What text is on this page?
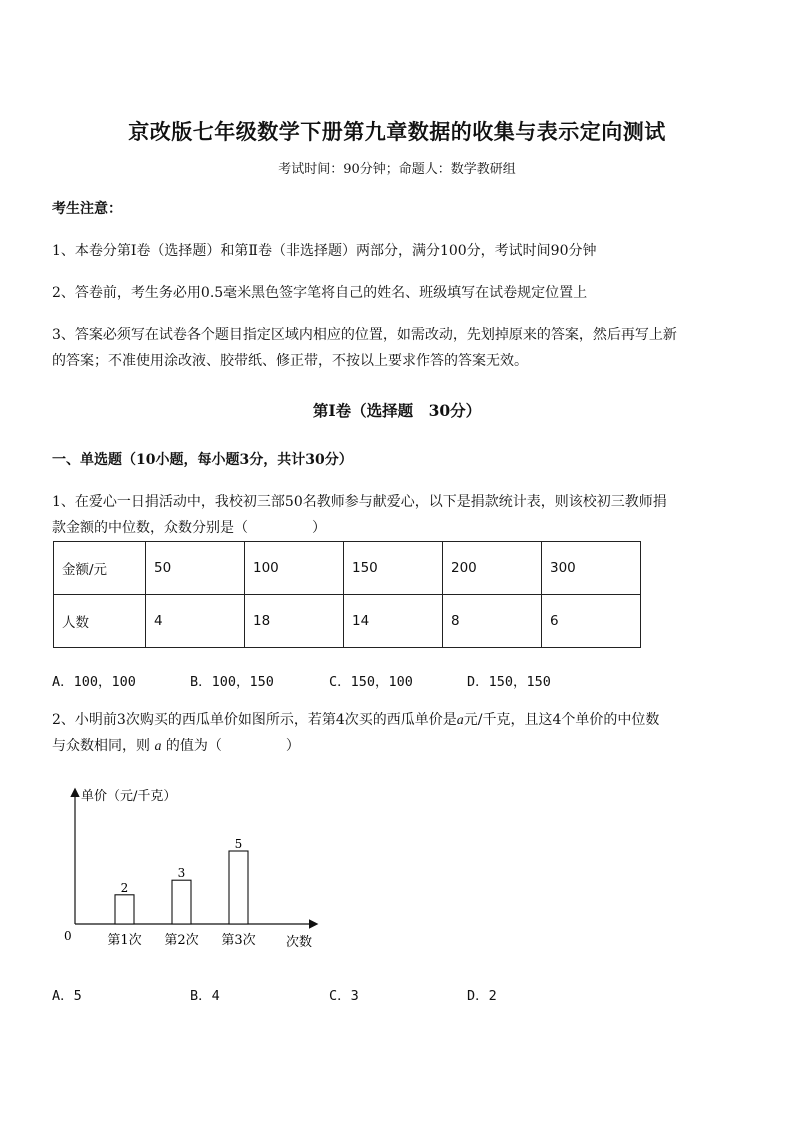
京改版七年级数学下册第九章数据的收集与表示定向测试
考试时间：90分钟；命题人：数学教研组
考生注意：
1、本卷分第Ⅰ卷（选择题）和第Ⅱ卷（非选择题）两部分，满分100分，考试时间90分钟
2、答卷前，考生务必用0.5毫米黑色签字笔将自己的姓名、班级填写在试卷规定位置上
3、答案必须写在试卷各个题目指定区域内相应的位置，如需改动，先划掉原来的答案，然后再写上新
的答案；不准使用涂改液、胶带纸、修正带，不按以上要求作答的答案无效。
第Ⅰ卷（选择题　30分）
一、单选题（10小题，每小题3分，共计30分）
1、在爱心一日捐活动中，我校初三部50名教师参与献爱心，以下是捐款统计表，则该校初三教师捐
款金额的中位数，众数分别是（	）
金额/元	50	100	150	200	300
人数	4	18	14	8	6
A．100，100	B．100，150	C．150，100	D．150，150
2、小明前3次购买的西瓜单价如图所示，若第4次买的西瓜单价是a元/千克，且这4个单价的中位数
与众数相同，则 a 的值为（	）
单价（元/千克）
次数
0
2
第1次
3
第2次
5
第3次
A．5	B．4	C．3	D．2
